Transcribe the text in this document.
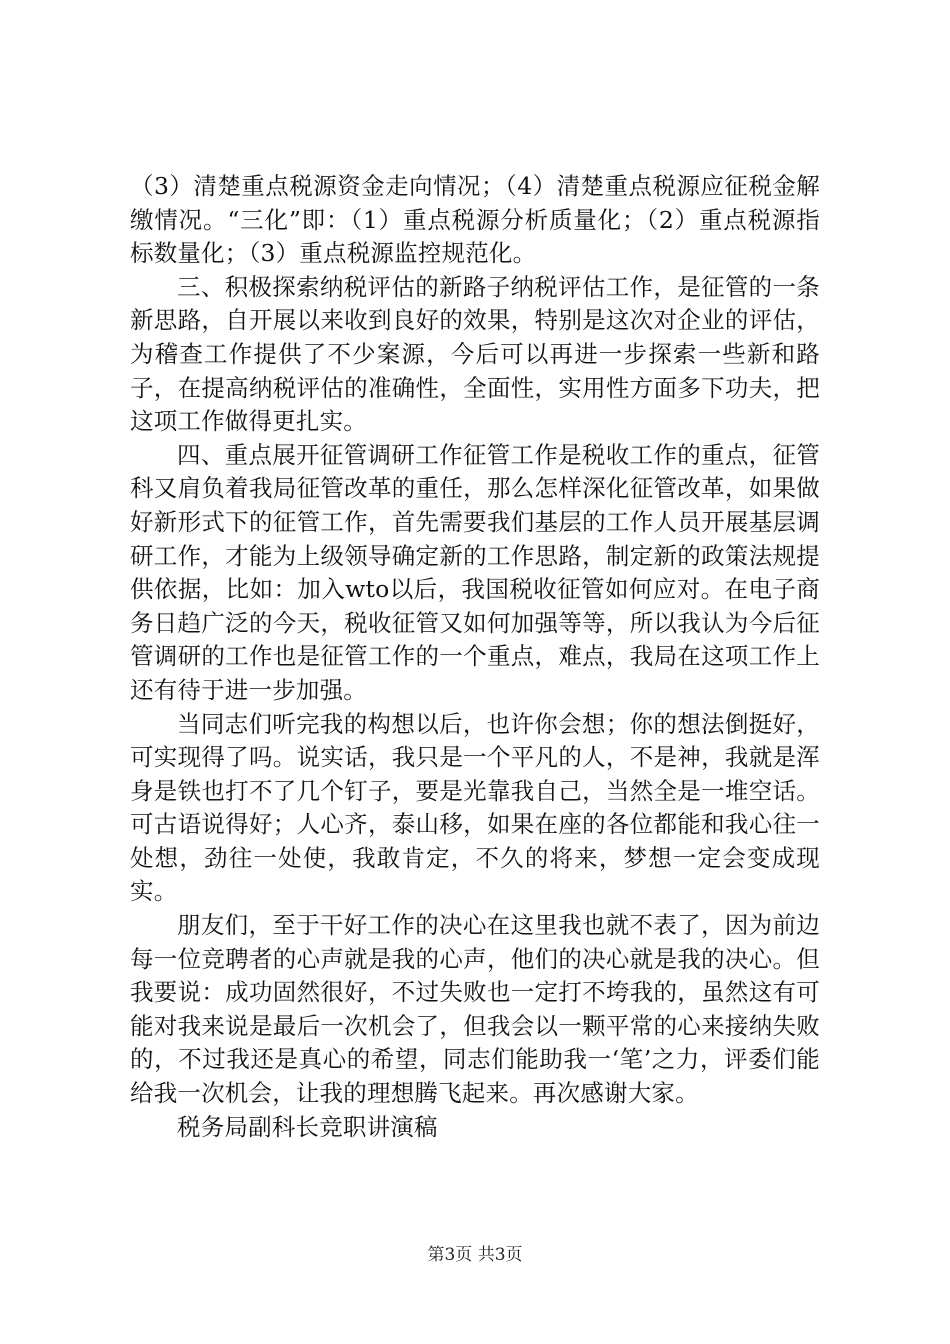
（3）清楚重点税源资金走向情况；（4）清楚重点税源应征税金解缴情况。“三化”即：（1）重点税源分析质量化；（2）重点税源指标数量化；（3）重点税源监控规范化。

三、积极探索纳税评估的新路子纳税评估工作，是征管的一条新思路，自开展以来收到良好的效果，特别是这次对企业的评估，为稽查工作提供了不少案源，今后可以再进一步探索一些新和路子，在提高纳税评估的准确性，全面性，实用性方面多下功夫，把这项工作做得更扎实。

四、重点展开征管调研工作征管工作是税收工作的重点，征管科又肩负着我局征管改革的重任，那么怎样深化征管改革，如果做好新形式下的征管工作，首先需要我们基层的工作人员开展基层调研工作，才能为上级领导确定新的工作思路，制定新的政策法规提供依据，比如：加入wto以后，我国税收征管如何应对。在电子商务日趋广泛的今天，税收征管又如何加强等等，所以我认为今后征管调研的工作也是征管工作的一个重点，难点，我局在这项工作上还有待于进一步加强。

当同志们听完我的构想以后，也许你会想；你的想法倒挺好，可实现得了吗。说实话，我只是一个平凡的人，不是神，我就是浑身是铁也打不了几个钉子，要是光靠我自己，当然全是一堆空话。可古语说得好；人心齐，泰山移，如果在座的各位都能和我心往一处想，劲往一处使，我敢肯定，不久的将来，梦想一定会变成现实。

朋友们，至于干好工作的决心在这里我也就不表了，因为前边每一位竞聘者的心声就是我的心声，他们的决心就是我的决心。但我要说：成功固然很好，不过失败也一定打不垮我的，虽然这有可能对我来说是最后一次机会了，但我会以一颗平常的心来接纳失败的，不过我还是真心的希望，同志们能助我一‘笔’之力，评委们能给我一次机会，让我的理想腾飞起来。再次感谢大家。

税务局副科长竞职讲演稿

第3页 共3页
